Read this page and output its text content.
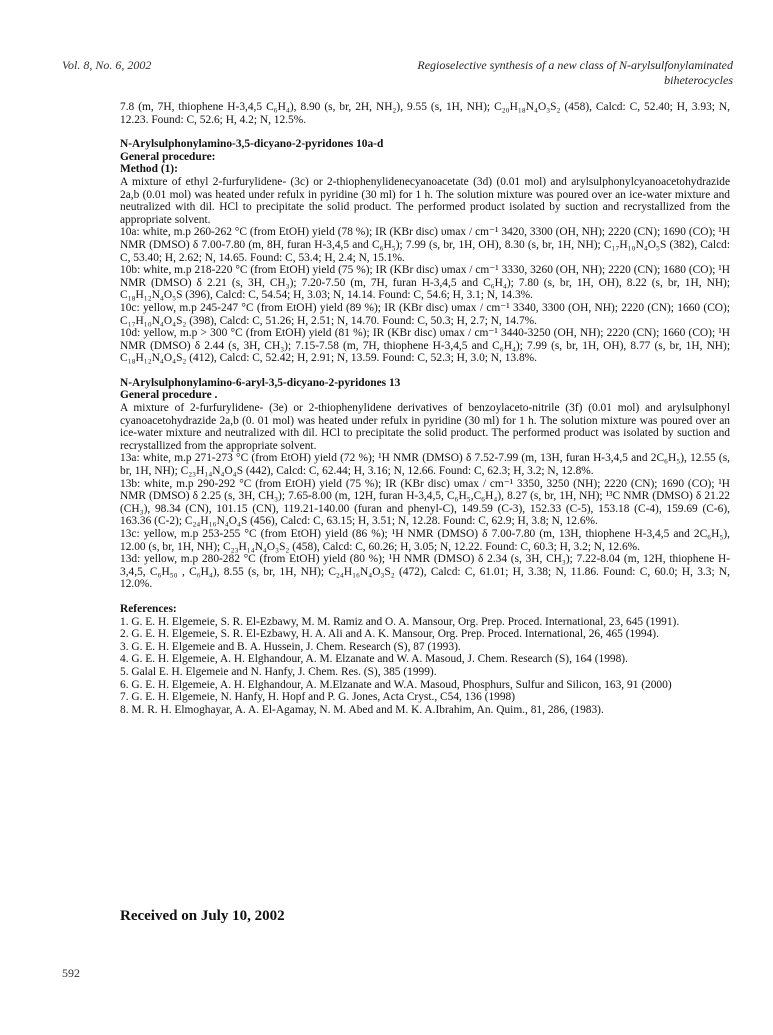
Vol. 8, No. 6, 2002	Regioselective synthesis of a new class of N-arylsulfonylaminated
biheterocycles

7.8 (m, 7H, thiophene H-3,4,5 C₆H₄), 8.90 (s, br, 2H, NH₂), 9.55 (s, 1H, NH); C₂₀H₁₈N₄O₃S₂ (458), Calcd: C, 52.40; H, 3.93; N, 12.23. Found: C, 52.6; H, 4.2; N, 12.5%.

N-Arylsulphonylamino-3,5-dicyano-2-pyridones 10a-d

General procedure:

Method (1):

A mixture of ethyl 2-furfurylidene- (3c) or 2-thiophenylidenecyanoacetate (3d) (0.01 mol) and arylsulphonylcyanoacetohydrazide 2a,b (0.01 mol) was heated under refulx in pyridine (30 ml) for 1 h. The solution mixture was poured over an ice-water mixture and neutralized with dil. HCl to precipitate the solid product. The performed product isolated by suction and recrystallized from the appropriate solvent.

10a: white, m.p 260-262 °C (from EtOH) yield (78 %); IR (KBr disc) υmax / cm⁻¹ 3420, 3300 (OH, NH); 2220 (CN); 1690 (CO); ¹H NMR (DMSO) δ 7.00-7.80 (m, 8H, furan H-3,4,5 and C₆H₅); 7.99 (s, br, 1H, OH), 8.30 (s, br, 1H, NH); C₁₇H₁₀N₄O₅S (382), Calcd: C, 53.40; H, 2.62; N, 14.65. Found: C, 53.4; H, 2.4; N, 15.1%.

10b: white, m.p 218-220 °C (from EtOH) yield (75 %); IR (KBr disc) υmax / cm⁻¹ 3330, 3260 (OH, NH); 2220 (CN); 1680 (CO); ¹H NMR (DMSO) δ 2.21 (s, 3H, CH₃); 7.20-7.50 (m, 7H, furan H-3,4,5 and C₆H₄); 7.80 (s, br, 1H, OH), 8.22 (s, br, 1H, NH); C₁₈H₁₂N₄O₅S (396), Calcd: C, 54.54; H, 3.03; N, 14.14. Found: C, 54.6; H, 3.1; N, 14.3%.

10c: yellow, m.p 245-247 °C (from EtOH) yield (89 %); IR (KBr disc) υmax / cm⁻¹ 3340, 3300 (OH, NH); 2220 (CN); 1660 (CO); C₁₇H₁₀N₄O₄S₂ (398), Calcd: C, 51.26; H, 2.51; N, 14.70. Found: C, 50.3; H, 2.7; N, 14.7%.

10d: yellow, m.p > 300 °C (from EtOH) yield (81 %); IR (KBr disc) υmax / cm⁻¹ 3440-3250 (OH, NH); 2220 (CN); 1660 (CO); ¹H NMR (DMSO) δ 2.44 (s, 3H, CH₃); 7.15-7.58 (m, 7H, thiophene H-3,4,5 and C₆H₄); 7.99 (s, br, 1H, OH), 8.77 (s, br, 1H, NH); C₁₈H₁₂N₄O₄S₂ (412), Calcd: C, 52.42; H, 2.91; N, 13.59. Found: C, 52.3; H, 3.0; N, 13.8%.

N-Arylsulphonylamino-6-aryl-3,5-dicyano-2-pyridones 13

General procedure .

A mixture of 2-furfurylidene- (3e) or 2-thiophenylidene derivatives of benzoylaceto-nitrile (3f) (0.01 mol) and arylsulphonyl cyanoacetohydrazide 2a,b (0. 01 mol) was heated under refulx in pyridine (30 ml) for 1 h. The solution mixture was poured over an ice-water mixture and neutralized with dil. HCl to precipitate the solid product. The performed product was isolated by suction and recrystallized from the appropriate solvent.

13a: white, m.p 271-273 °C (from EtOH) yield (72 %); ¹H NMR (DMSO) δ 7.52-7.99 (m, 13H, furan H-3,4,5 and 2C₆H₅), 12.55 (s, br, 1H, NH); C₂₃H₁₄N₄O₄S (442), Calcd: C, 62.44; H, 3.16; N, 12.66. Found: C, 62.3; H, 3.2; N, 12.8%.

13b: white, m.p 290-292 °C (from EtOH) yield (75 %); IR (KBr disc) υmax / cm⁻¹ 3350, 3250 (NH); 2220 (CN); 1690 (CO); ¹H NMR (DMSO) δ 2.25 (s, 3H, CH₃); 7.65-8.00 (m, 12H, furan H-3,4,5, C₆H₅,C₆H₄), 8.27 (s, br, 1H, NH); ¹³C NMR (DMSO) δ 21.22 (CH₃), 98.34 (CN), 101.15 (CN), 119.21-140.00 (furan and phenyl-C), 149.59 (C-3), 152.33 (C-5), 153.18 (C-4), 159.69 (C-6), 163.36 (C-2); C₂₄H₁₆N₄O₄S (456), Calcd: C, 63.15; H, 3.51; N, 12.28. Found: C, 62.9; H, 3.8; N, 12.6%.

13c: yellow, m.p 253-255 °C (from EtOH) yield (86 %); ¹H NMR (DMSO) δ 7.00-7.80 (m, 13H, thiophene H-3,4,5 and 2C₆H₅), 12.00 (s, br, 1H, NH); C₂₃H₁₄N₄O₃S₂ (458), Calcd: C, 60.26; H, 3.05; N, 12.22. Found: C, 60.3; H, 3.2; N, 12.6%.

13d: yellow, m.p 280-282 °C (from EtOH) yield (80 %); ¹H NMR (DMSO) δ 2.34 (s, 3H, CH₃); 7.22-8.04 (m, 12H, thiophene H-3,4,5, C₆H₅₀ , C₆H₄), 8.55 (s, br, 1H, NH); C₂₄H₁₆N₄O₃S₂ (472), Calcd: C, 61.01; H, 3.38; N, 11.86. Found: C, 60.0; H, 3.3; N, 12.0%.

References:

1. G. E. H. Elgemeie, S. R. El-Ezbawy, M. M. Ramiz and O. A. Mansour, Org. Prep. Proced. International, 23, 645 (1991).

2. G. E. H. Elgemeie, S. R. El-Ezbawy, H. A. Ali and A. K. Mansour, Org. Prep. Proced. International, 26, 465 (1994).

3. G. E. H. Elgemeie and B. A. Hussein, J. Chem. Research (S), 87 (1993).

4. G. E. H. Elgemeie, A. H. Elghandour, A. M. Elzanate and W. A. Masoud, J. Chem. Research (S), 164 (1998).

5. Galal E. H. Elgemeie and N. Hanfy, J. Chem. Res. (S), 385 (1999).

6. G. E. H. Elgemeie, A. H. Elghandour, A. M.Elzanate and W.A. Masoud, Phosphurs, Sulfur and Silicon, 163, 91 (2000)

7. G. E. H. Elgemeie, N. Hanfy, H. Hopf and P. G. Jones, Acta Cryst., C54, 136 (1998)

8. M. R. H. Elmoghayar, A. A. El-Agamay, N. M. Abed and M. K. A.Ibrahim, An. Quim., 81, 286, (1983).

Received on July 10, 2002
592
